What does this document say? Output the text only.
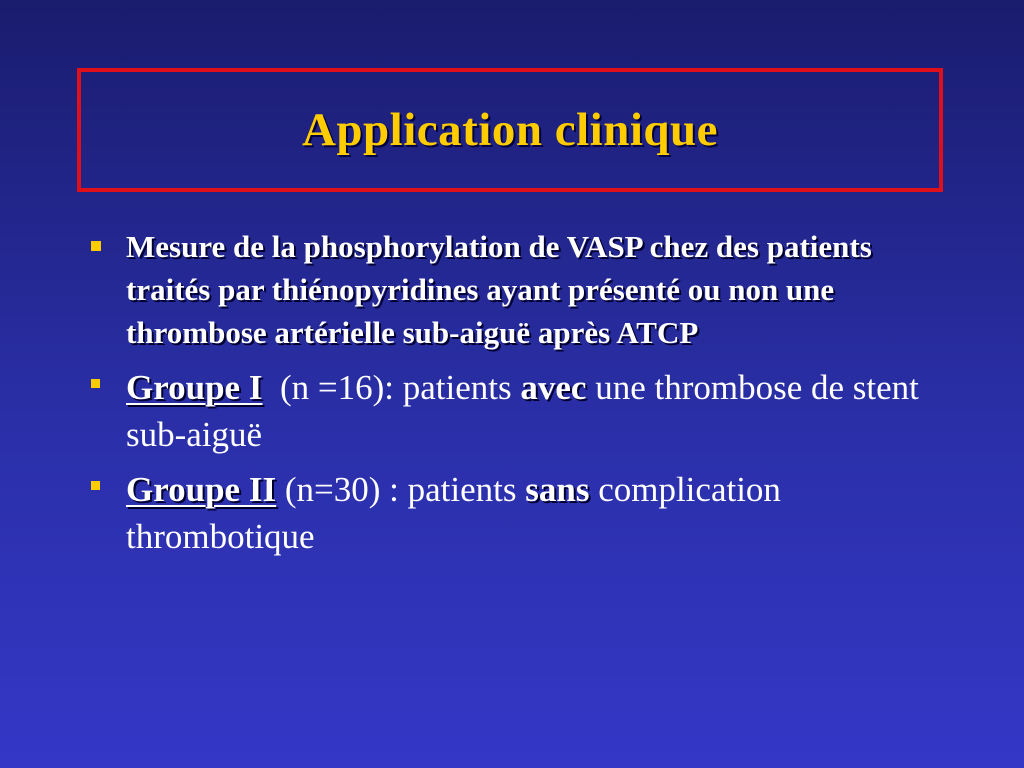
Application clinique
Mesure de la phosphorylation de VASP chez des patients traités par thiénopyridines ayant présenté ou non une thrombose artérielle sub-aiguë après ATCP
Groupe I (n =16): patients avec une thrombose de stent sub-aiguë
Groupe II (n=30) : patients sans complication thrombotique
